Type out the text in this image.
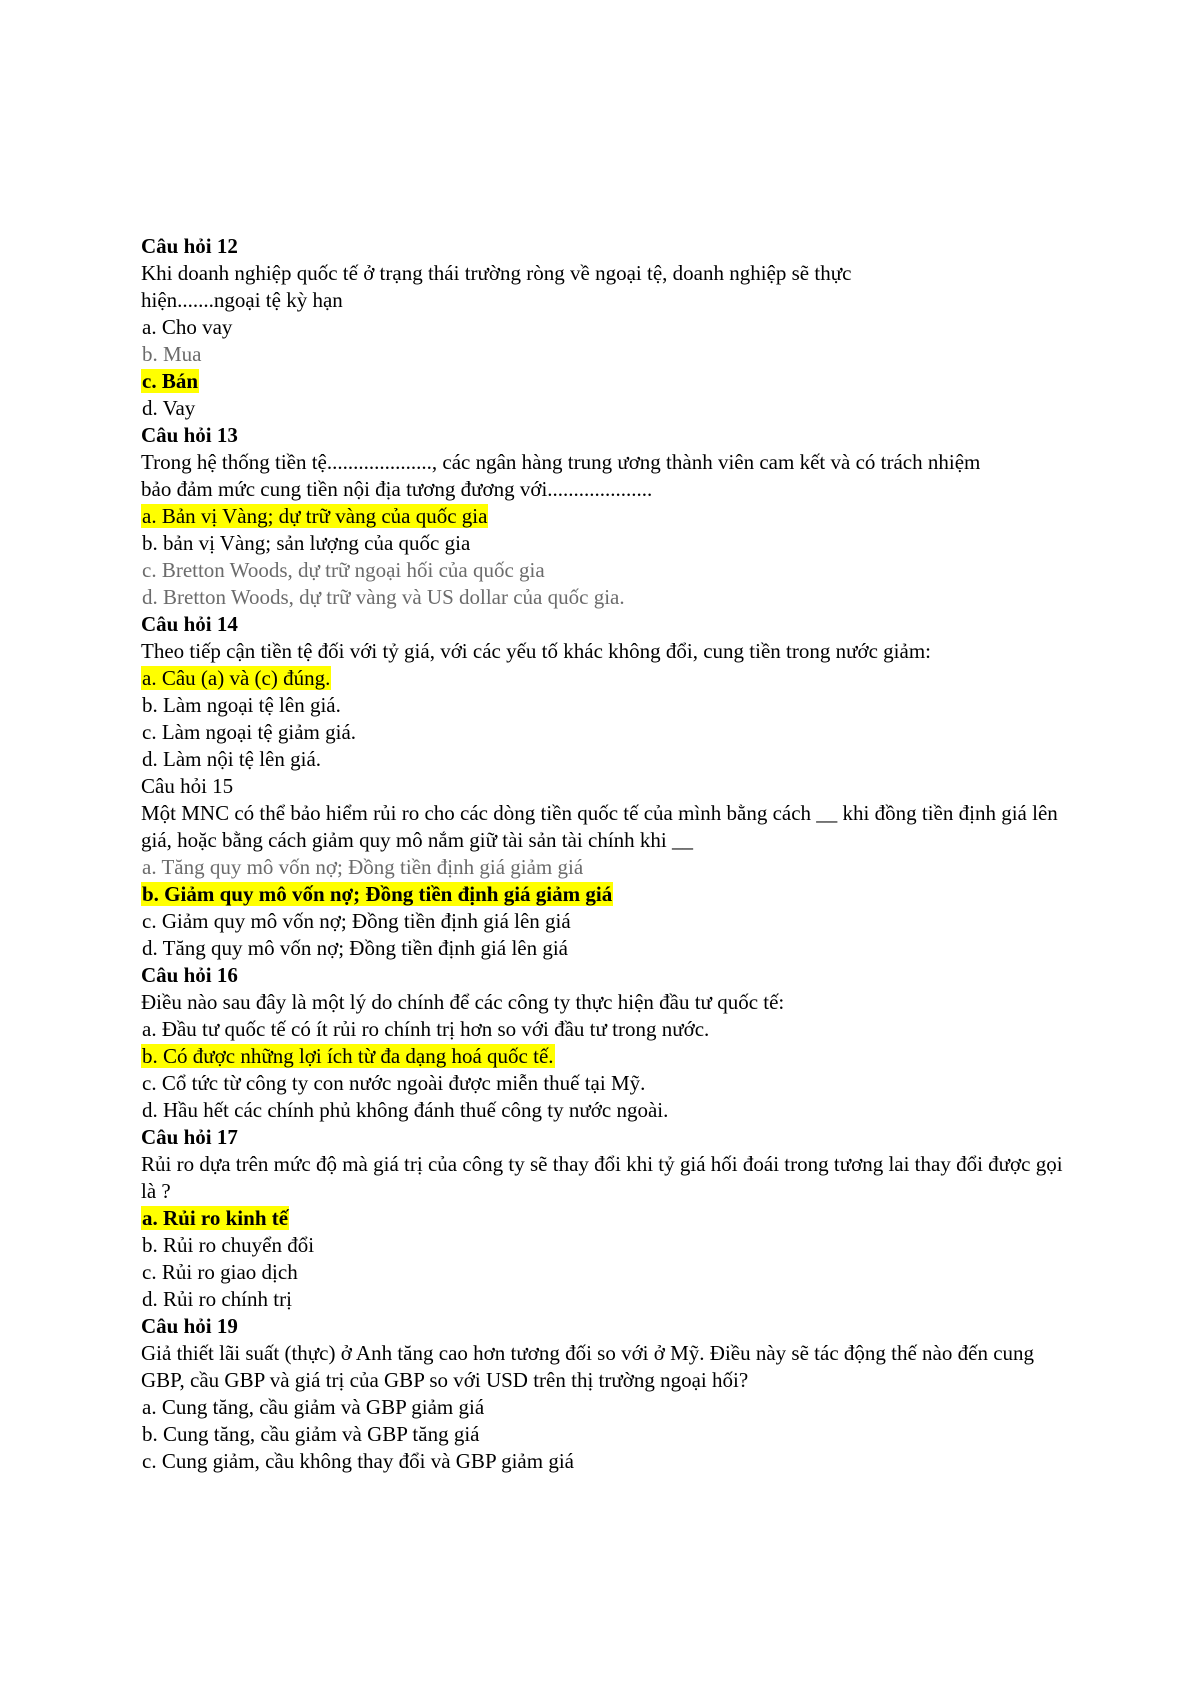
Câu hỏi 12
Khi doanh nghiệp quốc tế ở trạng thái trường ròng về ngoại tệ, doanh nghiệp sẽ thực hiện.......ngoại tệ kỳ hạn
a. Cho vay
b. Mua
c. Bán
d. Vay
Câu hỏi 13
Trong hệ thống tiền tệ...................., các ngân hàng trung ương thành viên cam kết và có trách nhiệm bảo đảm mức cung tiền nội địa tương đương với....................
a. Bản vị Vàng; dự trữ vàng của quốc gia
b. bản vị Vàng; sản lượng của quốc gia
c. Bretton Woods, dự trữ ngoại hối của quốc gia
d. Bretton Woods, dự trữ vàng và US dollar của quốc gia.
Câu hỏi 14
Theo tiếp cận tiền tệ đối với tỷ giá, với các yếu tố khác không đổi, cung tiền trong nước giảm:
a. Câu (a) và (c) đúng.
b. Làm ngoại tệ lên giá.
c. Làm ngoại tệ giảm giá.
d. Làm nội tệ lên giá.
Câu hỏi 15
Một MNC có thể bảo hiểm rủi ro cho các dòng tiền quốc tế của mình bằng cách __ khi đồng tiền định giá lên giá, hoặc bằng cách giảm quy mô nắm giữ tài sản tài chính khi __
a. Tăng quy mô vốn nợ; Đồng tiền định giá giảm giá
b. Giảm quy mô vốn nợ; Đồng tiền định giá giảm giá
c. Giảm quy mô vốn nợ; Đồng tiền định giá lên giá
d. Tăng quy mô vốn nợ; Đồng tiền định giá lên giá
Câu hỏi 16
Điều nào sau đây là một lý do chính để các công ty thực hiện đầu tư quốc tế:
a. Đầu tư quốc tế có ít rủi ro chính trị hơn so với đầu tư trong nước.
b. Có được những lợi ích từ đa dạng hoá quốc tế.
c. Cổ tức từ công ty con nước ngoài được miễn thuế tại Mỹ.
d. Hầu hết các chính phủ không đánh thuế công ty nước ngoài.
Câu hỏi 17
Rủi ro dựa trên mức độ mà giá trị của công ty sẽ thay đổi khi tỷ giá hối đoái trong tương lai thay đổi được gọi là ?
a. Rủi ro kinh tế
b. Rủi ro chuyển đổi
c. Rủi ro giao dịch
d. Rủi ro chính trị
Câu hỏi 19
Giả thiết lãi suất (thực) ở Anh tăng cao hơn tương đối so với ở Mỹ. Điều này sẽ tác động thế nào đến cung GBP, cầu GBP và giá trị của GBP so với USD trên thị trường ngoại hối?
a. Cung tăng, cầu giảm và GBP giảm giá
b. Cung tăng, cầu giảm và GBP tăng giá
c. Cung giảm, cầu không thay đổi và GBP giảm giá
